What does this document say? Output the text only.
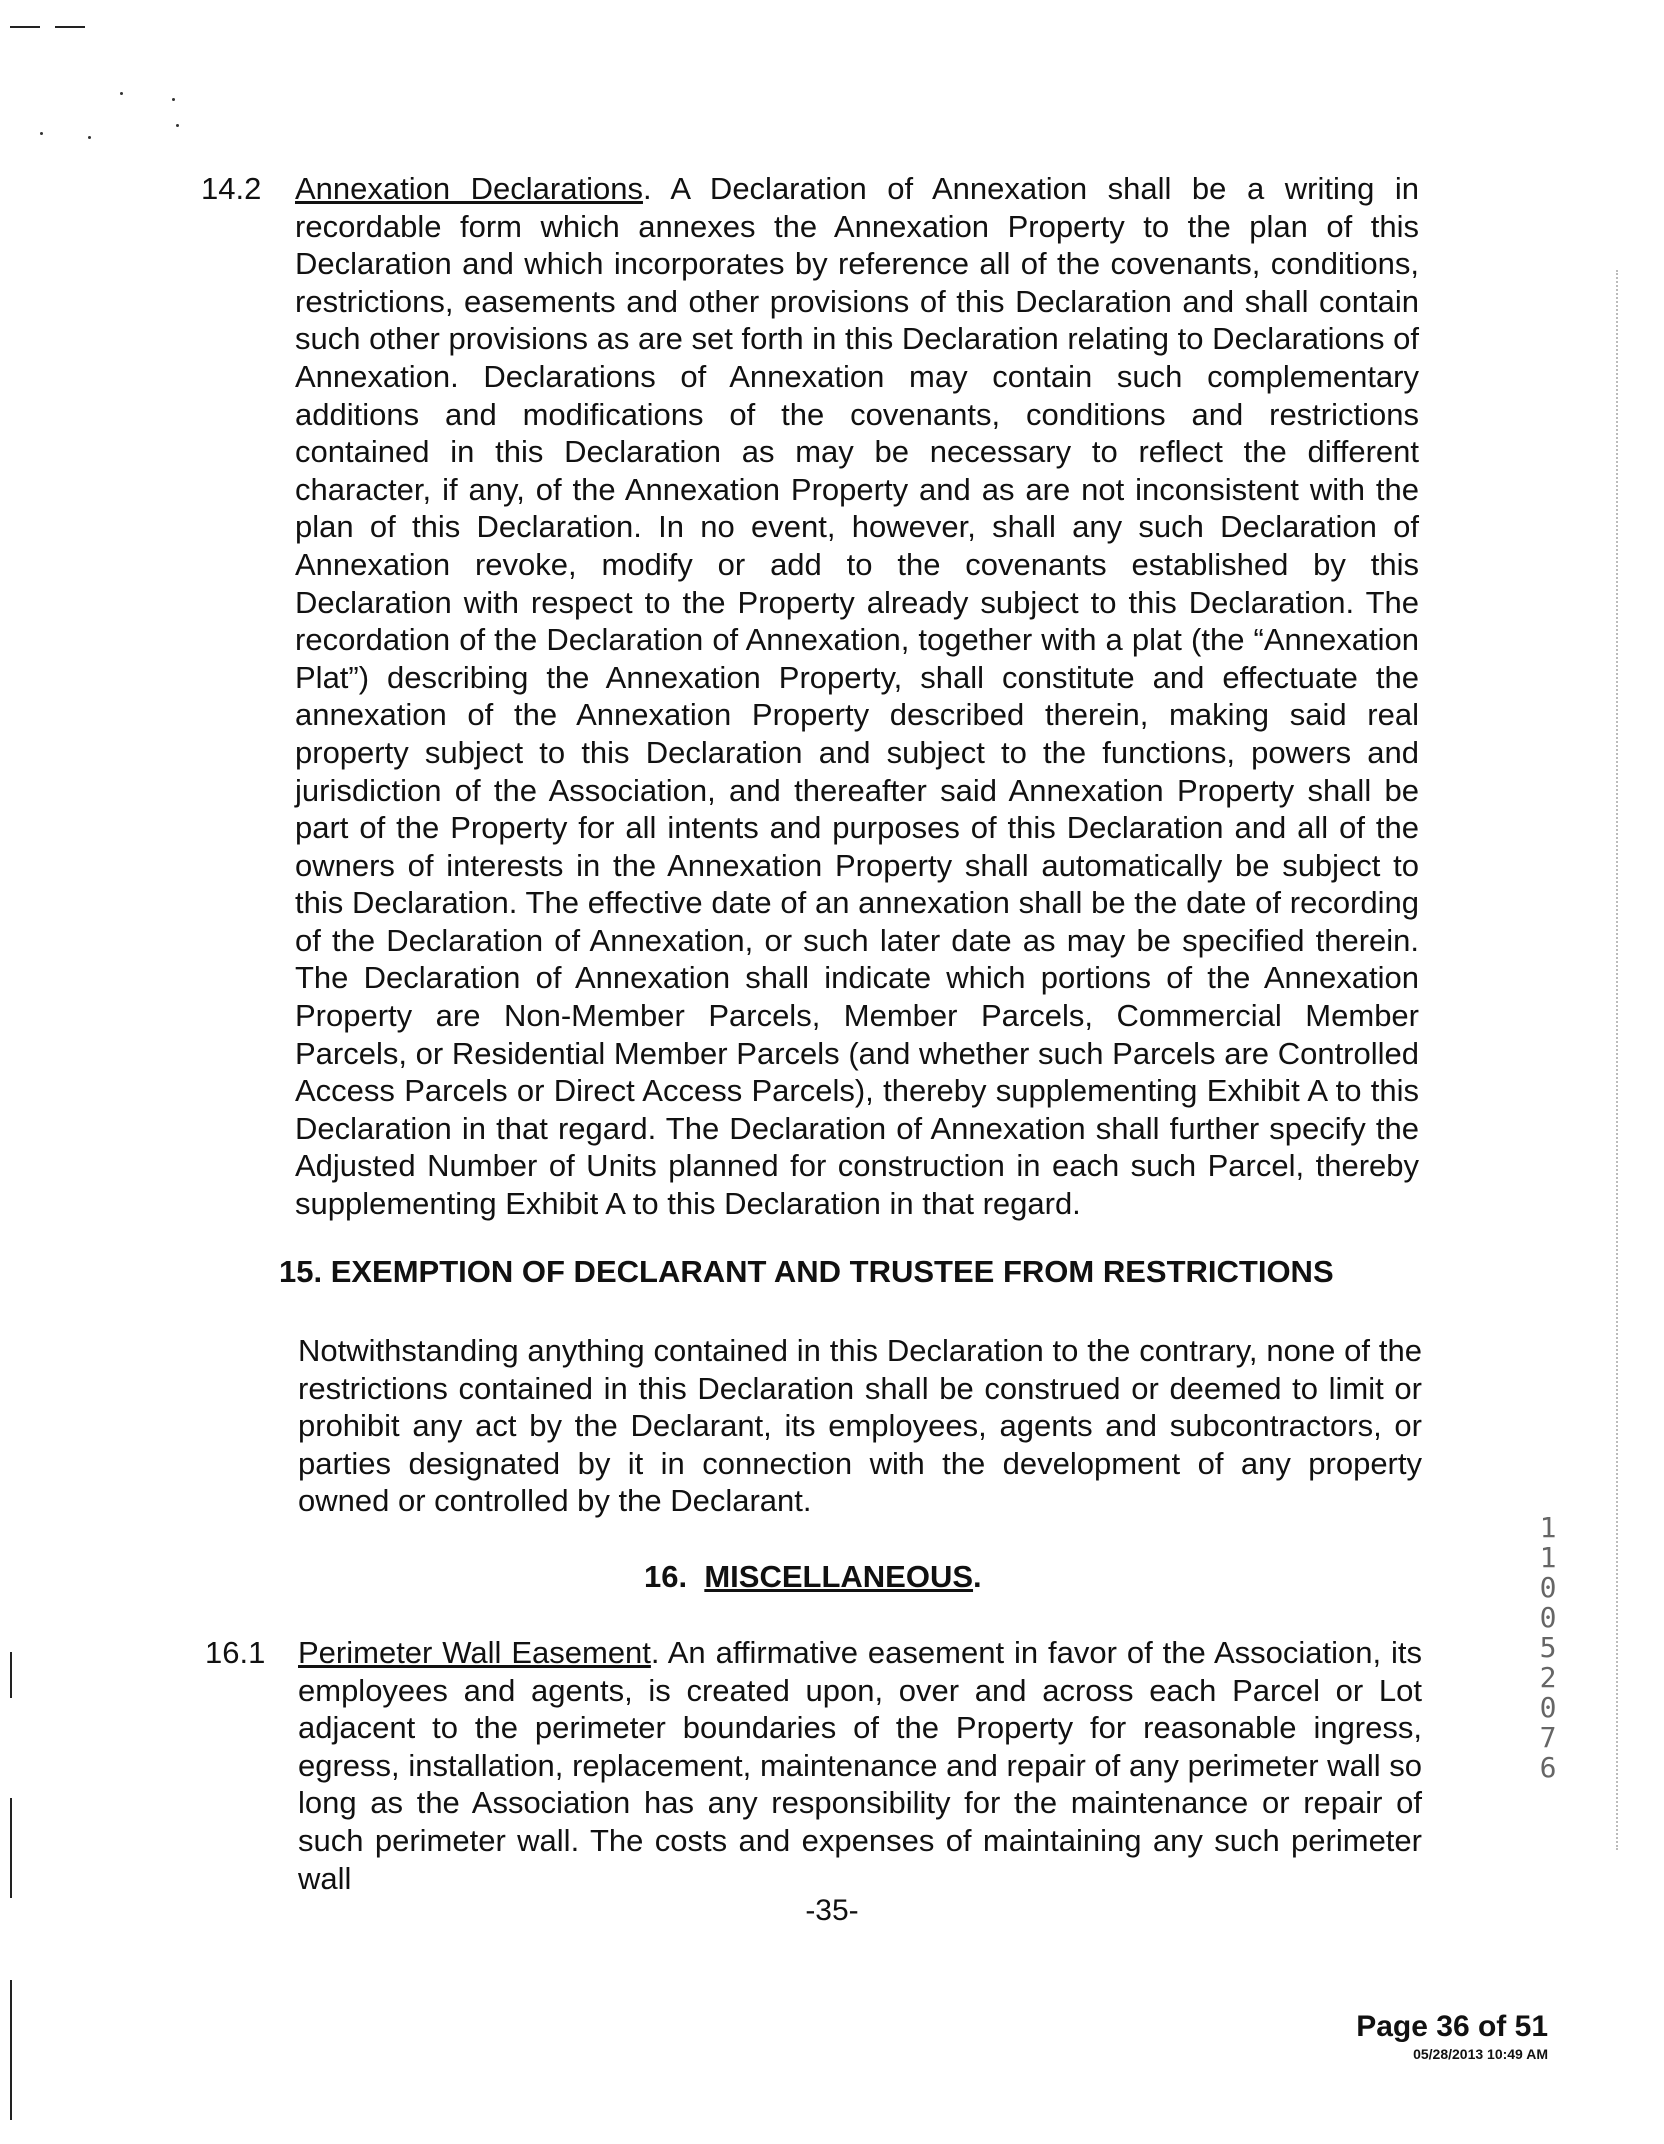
14.2 Annexation Declarations. A Declaration of Annexation shall be a writing in recordable form which annexes the Annexation Property to the plan of this Declaration and which incorporates by reference all of the covenants, conditions, restrictions, easements and other provisions of this Declaration and shall contain such other provisions as are set forth in this Declaration relating to Declarations of Annexation. Declarations of Annexation may contain such complementary additions and modifications of the covenants, conditions and restrictions contained in this Declaration as may be necessary to reflect the different character, if any, of the Annexation Property and as are not inconsistent with the plan of this Declaration. In no event, however, shall any such Declaration of Annexation revoke, modify or add to the covenants established by this Declaration with respect to the Property already subject to this Declaration. The recordation of the Declaration of Annexation, together with a plat (the “Annexation Plat”) describing the Annexation Property, shall constitute and effectuate the annexation of the Annexation Property described therein, making said real property subject to this Declaration and subject to the functions, powers and jurisdiction of the Association, and thereafter said Annexation Property shall be part of the Property for all intents and purposes of this Declaration and all of the owners of interests in the Annexation Property shall automatically be subject to this Declaration. The effective date of an annexation shall be the date of recording of the Declaration of Annexation, or such later date as may be specified therein. The Declaration of Annexation shall indicate which portions of the Annexation Property are Non-Member Parcels, Member Parcels, Commercial Member Parcels, or Residential Member Parcels (and whether such Parcels are Controlled Access Parcels or Direct Access Parcels), thereby supplementing Exhibit A to this Declaration in that regard. The Declaration of Annexation shall further specify the Adjusted Number of Units planned for construction in each such Parcel, thereby supplementing Exhibit A to this Declaration in that regard.

15. EXEMPTION OF DECLARANT AND TRUSTEE FROM RESTRICTIONS

Notwithstanding anything contained in this Declaration to the contrary, none of the restrictions contained in this Declaration shall be construed or deemed to limit or prohibit any act by the Declarant, its employees, agents and subcontractors, or parties designated by it in connection with the development of any property owned or controlled by the Declarant.

16. MISCELLANEOUS.
16.1 Perimeter Wall Easement. An affirmative easement in favor of the Association, its employees and agents, is created upon, over and across each Parcel or Lot adjacent to the perimeter boundaries of the Property for reasonable ingress, egress, installation, replacement, maintenance and repair of any perimeter wall so long as the Association has any responsibility for the maintenance or repair of such perimeter wall. The costs and expenses of maintaining any such perimeter wall

-35-
11005 2076
Page 36 of 51
05/28/2013 10:49 AM
